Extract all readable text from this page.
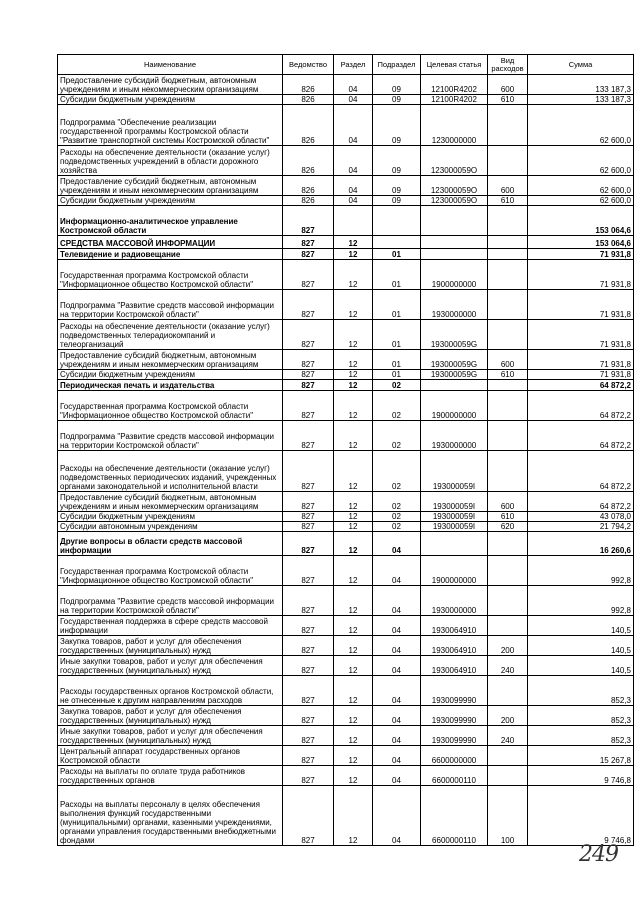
Наименование	Ведомство	Раздел	Подраздел	Целевая статья	Вид расходов	Сумма
Предоставление субсидий бюджетным, автономным учреждениям и иным некоммерческим организациям	826	04	09	12100R4202	600	133 187,3
Субсидии бюджетным учреждениям	826	04	09	12100R4202	610	133 187,3
Подпрограмма "Обеспечение реализации государственной программы Костромской области "Развитие транспортной системы Костромской области"	826	04	09	1230000000		62 600,0
Расходы на обеспечение деятельности (оказание услуг) подведомственных учреждений в области дорожного хозяйства	826	04	09	123000059О		62 600,0
Предоставление субсидий бюджетным, автономным учреждениям и иным некоммерческим организациям	826	04	09	123000059О	600	62 600,0
Субсидии бюджетным учреждениям	826	04	09	123000059О	610	62 600,0
Информационно-аналитическое управление Костромской области	827					153 064,6
СРЕДСТВА МАССОВОЙ ИНФОРМАЦИИ	827	12				153 064,6
Телевидение и радиовещание	827	12	01			71 931,8
Государственная программа Костромской области "Информационное общество Костромской области"	827	12	01	1900000000		71 931,8
Подпрограмма "Развитие средств массовой информации на территории Костромской области"	827	12	01	1930000000		71 931,8
Расходы на обеспечение деятельности (оказание услуг) подведомственных телерадиокомпаний и телеорганизаций	827	12	01	193000059G		71 931,8
Предоставление субсидий бюджетным, автономным учреждениям и иным некоммерческим организациям	827	12	01	193000059G	600	71 931,8
Субсидии бюджетным учреждениям	827	12	01	193000059G	610	71 931,8
Периодическая печать и издательства	827	12	02			64 872,2
Государственная программа Костромской области "Информационное общество Костромской области"	827	12	02	1900000000		64 872,2
Подпрограмма "Развитие средств массовой информации на территории Костромской области"	827	12	02	1930000000		64 872,2
Расходы на обеспечение деятельности (оказание услуг) подведомственных периодических изданий, учрежденных органами законодательной и исполнительной власти	827	12	02	193000059I		64 872,2
Предоставление субсидий бюджетным, автономным учреждениям и иным некоммерческим организациям	827	12	02	193000059I	600	64 872,2
Субсидии бюджетным учреждениям	827	12	02	193000059I	610	43 078,0
Субсидии автономным учреждениям	827	12	02	193000059I	620	21 794,2
Другие вопросы в области средств массовой информации	827	12	04			16 260,6
Государственная программа Костромской области "Информационное общество Костромской области"	827	12	04	1900000000		992,8
Подпрограмма "Развитие средств массовой информации на территории Костромской области"	827	12	04	1930000000		992,8
Государственная поддержка в сфере средств массовой информации	827	12	04	1930064910		140,5
Закупка товаров, работ и услуг для обеспечения государственных (муниципальных) нужд	827	12	04	1930064910	200	140,5
Иные закупки товаров, работ и услуг для обеспечения государственных (муниципальных) нужд	827	12	04	1930064910	240	140,5
Расходы государственных органов Костромской области, не отнесенные к другим направлениям расходов	827	12	04	1930099990		852,3
Закупка товаров, работ и услуг для обеспечения государственных (муниципальных) нужд	827	12	04	1930099990	200	852,3
Иные закупки товаров, работ и услуг для обеспечения государственных (муниципальных) нужд	827	12	04	1930099990	240	852,3
Центральный аппарат государственных органов Костромской области	827	12	04	6600000000		15 267,8
Расходы на выплаты по оплате труда работников государственных органов	827	12	04	6600000110		9 746,8
Расходы на выплаты персоналу в целях обеспечения выполнения функций государственными (муниципальными) органами, казенными учреждениями, органами управления государственными внебюджетными фондами	827	12	04	6600000110	100	9 746,8
249
